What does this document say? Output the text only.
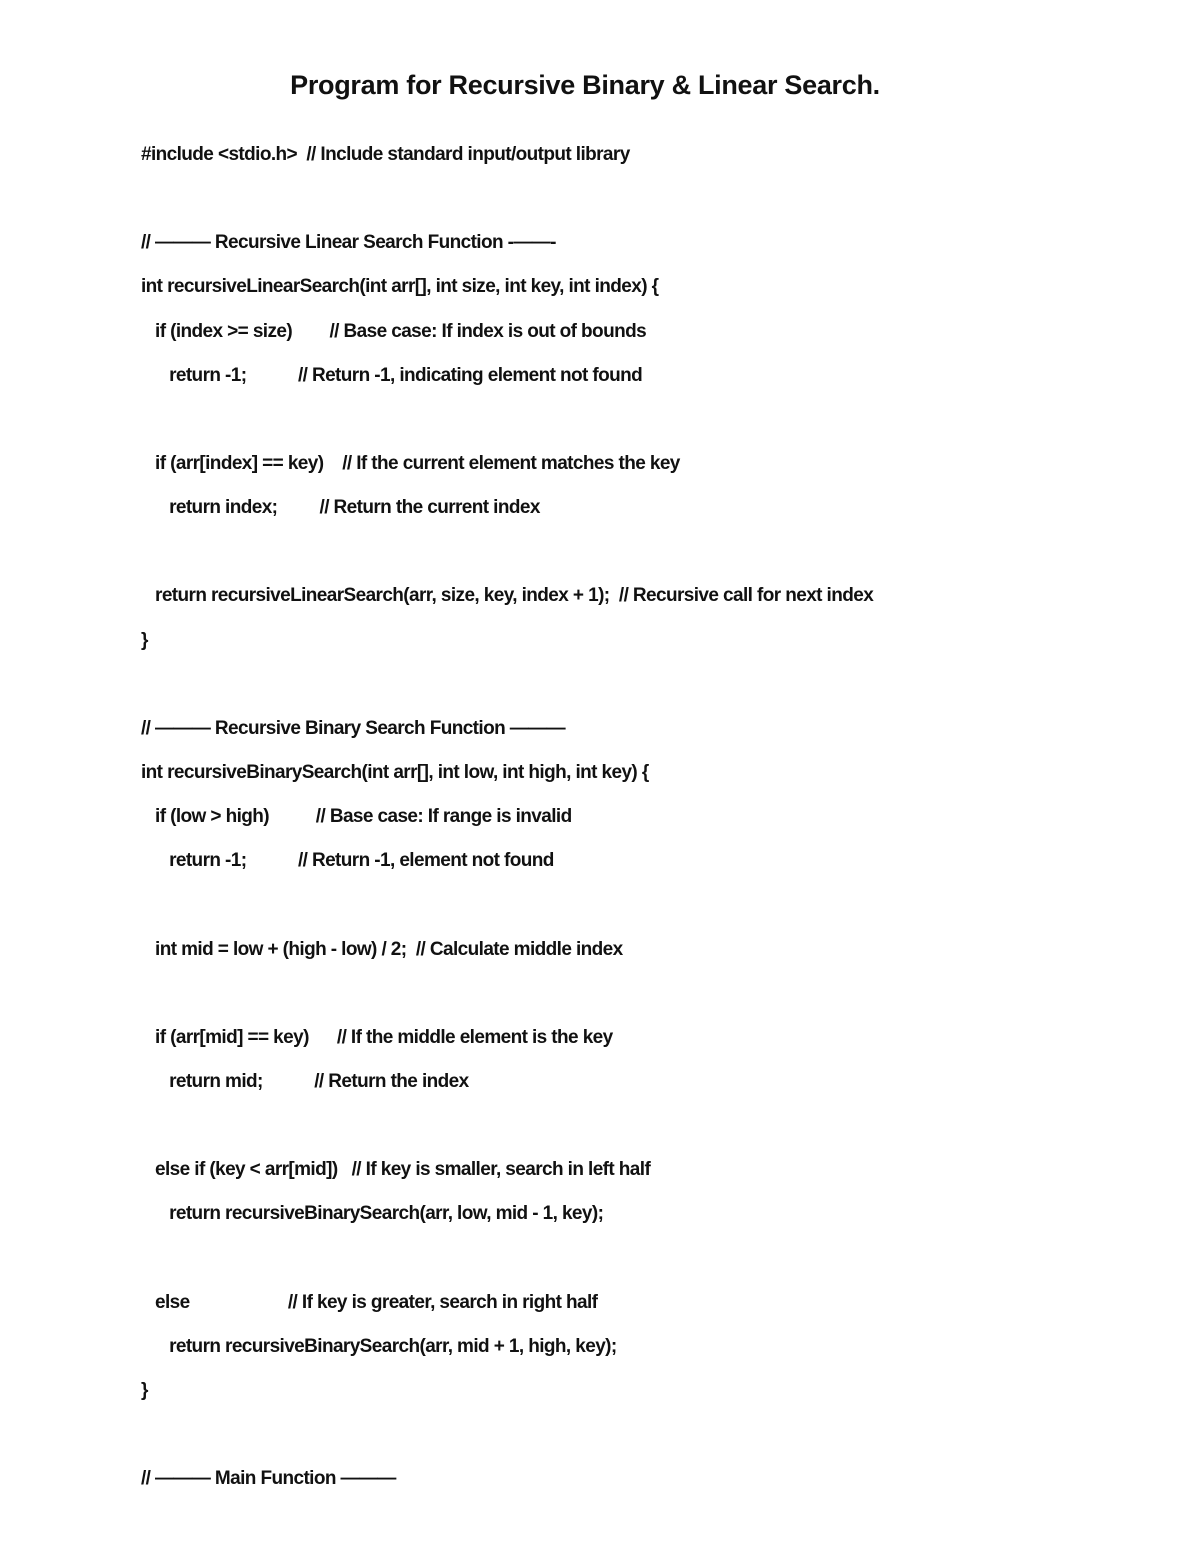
Program for Recursive Binary & Linear Search.
#include <stdio.h>  // Include standard input/output library
// ——— Recursive Linear Search Function -——-
int recursiveLinearSearch(int arr[], int size, int key, int index) {
if (index >= size)        // Base case: If index is out of bounds
return -1;           // Return -1, indicating element not found
if (arr[index] == key)    // If the current element matches the key
return index;         // Return the current index
return recursiveLinearSearch(arr, size, key, index + 1);  // Recursive call for next index
}
// ——— Recursive Binary Search Function ———
int recursiveBinarySearch(int arr[], int low, int high, int key) {
if (low > high)          // Base case: If range is invalid
return -1;           // Return -1, element not found
int mid = low + (high - low) / 2;  // Calculate middle index
if (arr[mid] == key)      // If the middle element is the key
return mid;           // Return the index
else if (key < arr[mid])   // If key is smaller, search in left half
return recursiveBinarySearch(arr, low, mid - 1, key);
else                     // If key is greater, search in right half
return recursiveBinarySearch(arr, mid + 1, high, key);
}
// ——— Main Function ———
